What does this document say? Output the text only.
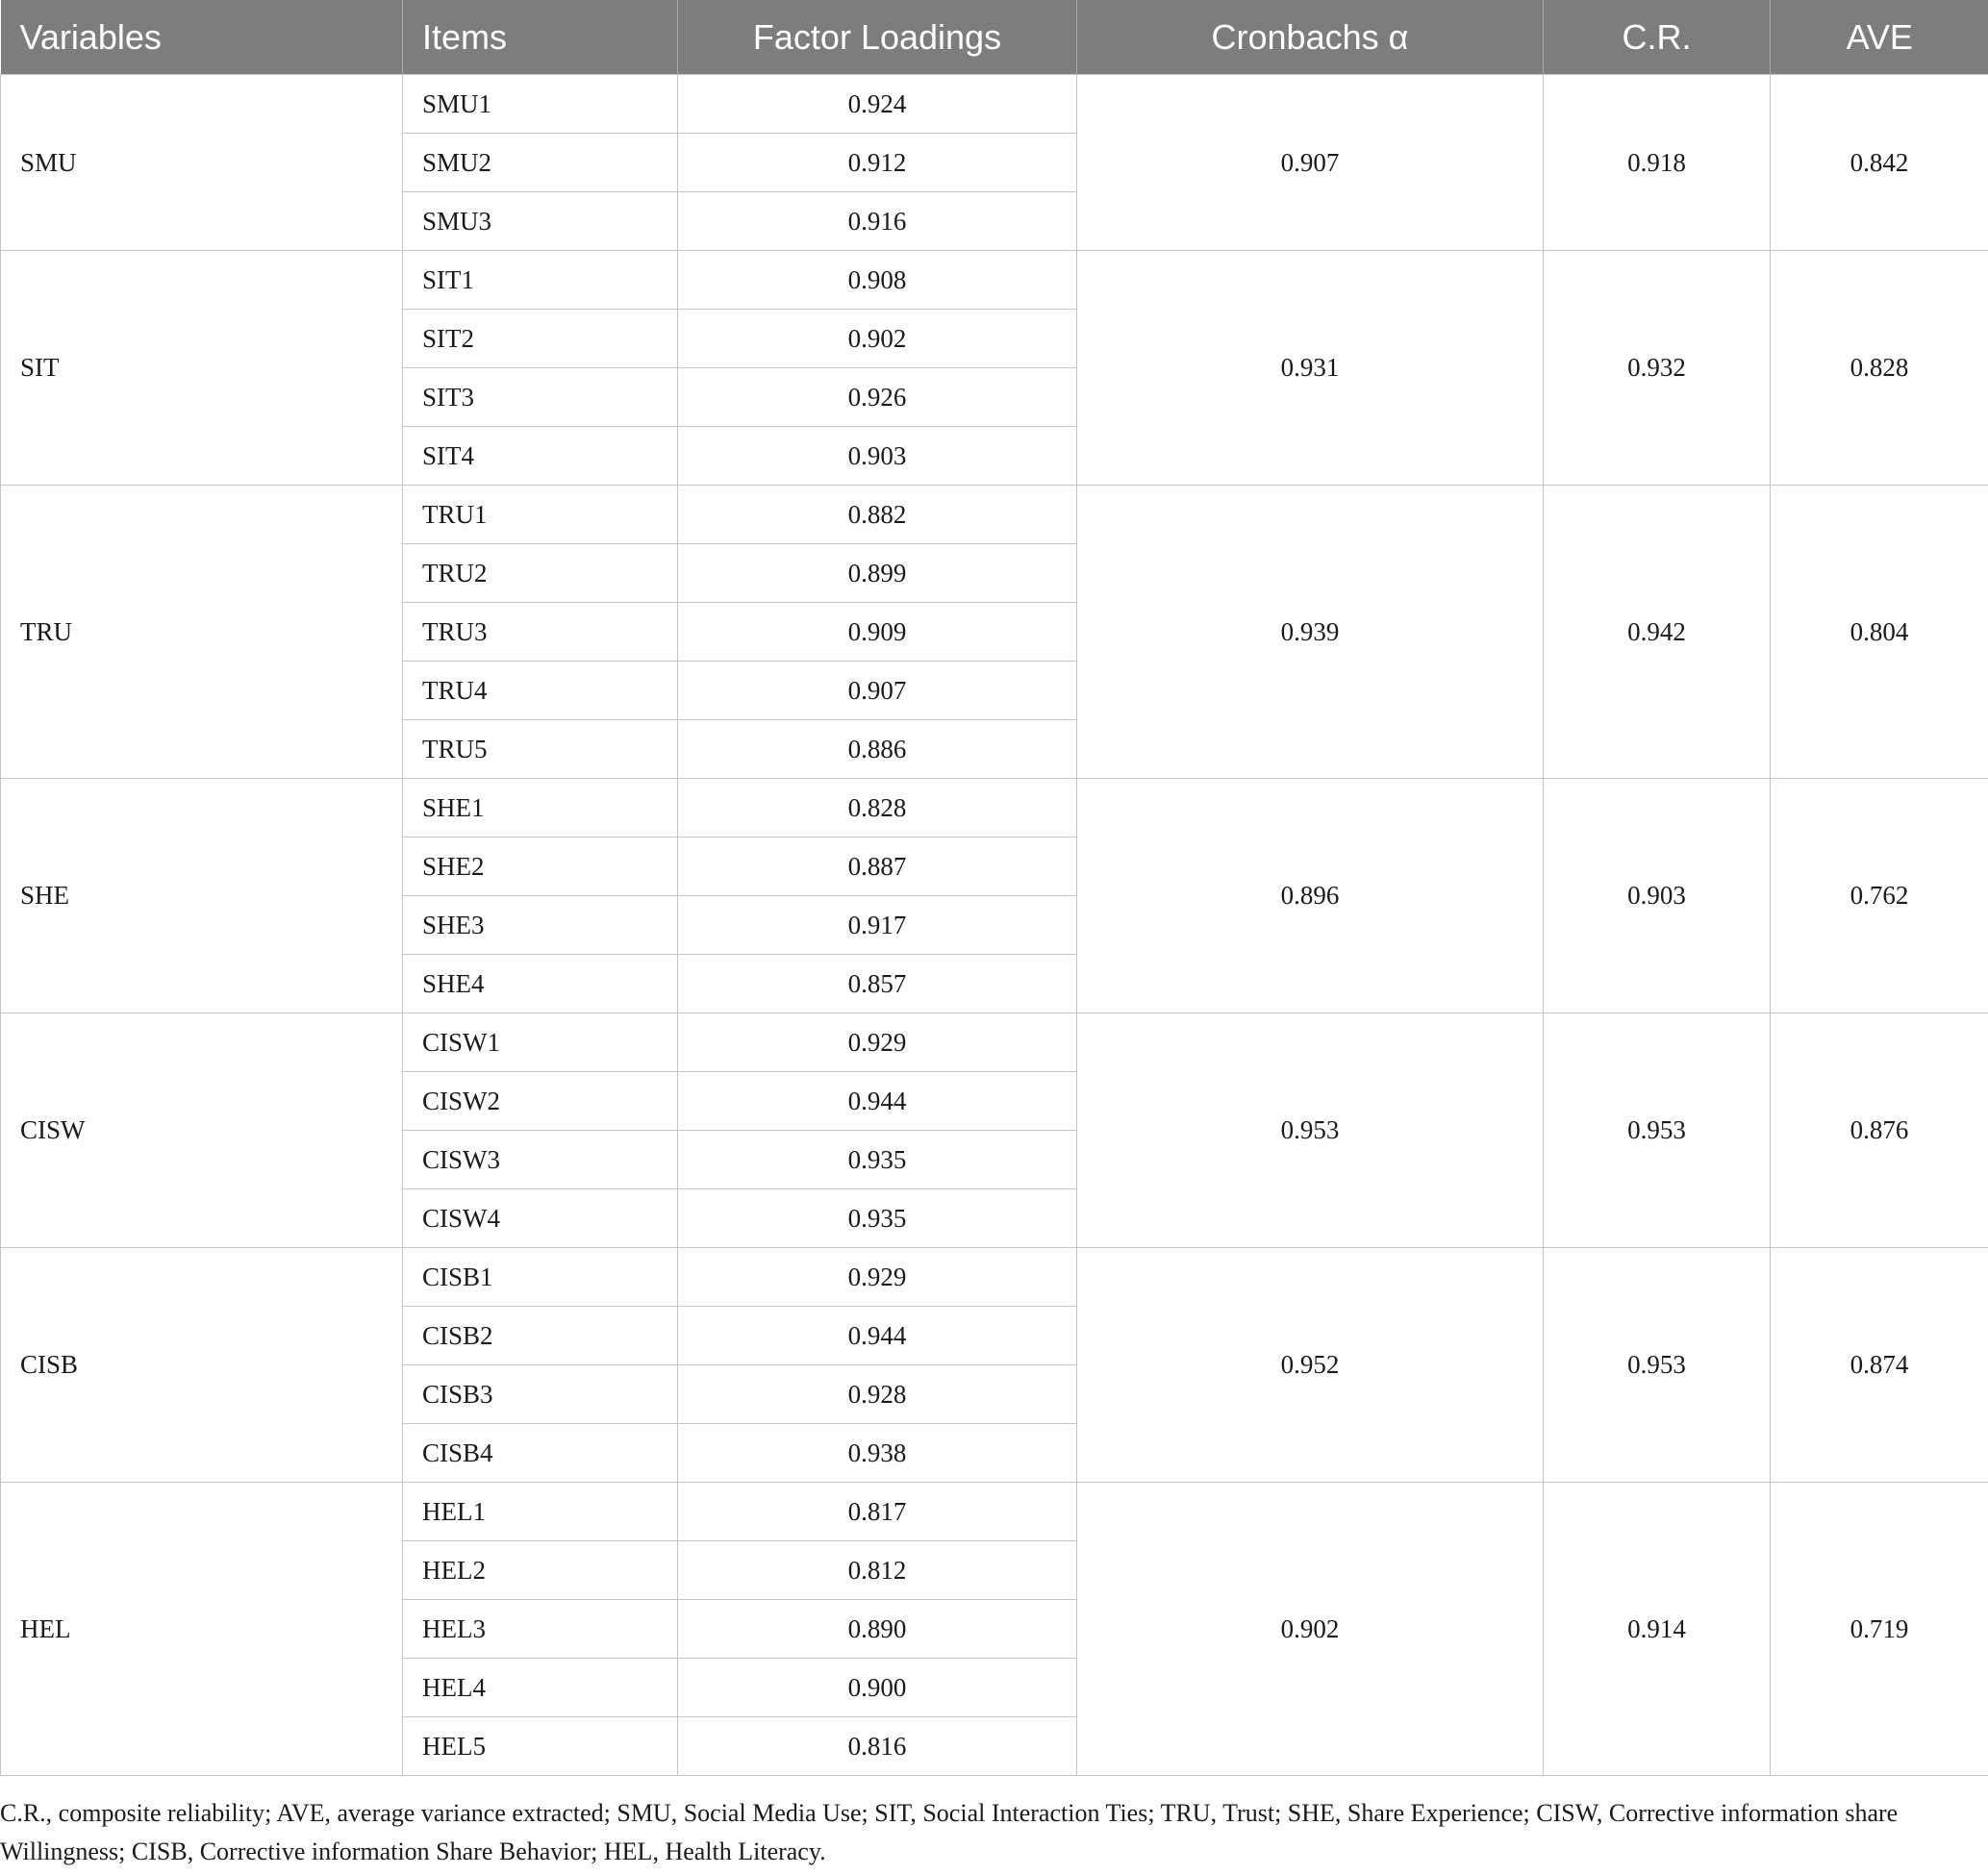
Variables	Items	Factor Loadings	Cronbachs α	C.R.	AVE
SMU	SMU1	0.924	0.907	0.918	0.842
	SMU2	0.912			
	SMU3	0.916			
SIT	SIT1	0.908	0.931	0.932	0.828
	SIT2	0.902			
	SIT3	0.926			
	SIT4	0.903			
TRU	TRU1	0.882	0.939	0.942	0.804
	TRU2	0.899			
	TRU3	0.909			
	TRU4	0.907			
	TRU5	0.886			
SHE	SHE1	0.828	0.896	0.903	0.762
	SHE2	0.887			
	SHE3	0.917			
	SHE4	0.857			
CISW	CISW1	0.929	0.953	0.953	0.876
	CISW2	0.944			
	CISW3	0.935			
	CISW4	0.935			
CISB	CISB1	0.929	0.952	0.953	0.874
	CISB2	0.944			
	CISB3	0.928			
	CISB4	0.938			
HEL	HEL1	0.817	0.902	0.914	0.719
	HEL2	0.812			
	HEL3	0.890			
	HEL4	0.900			
	HEL5	0.816			
C.R., composite reliability; AVE, average variance extracted; SMU, Social Media Use; SIT, Social Interaction Ties; TRU, Trust; SHE, Share Experience; CISW, Corrective information share Willingness; CISB, Corrective information Share Behavior; HEL, Health Literacy.
